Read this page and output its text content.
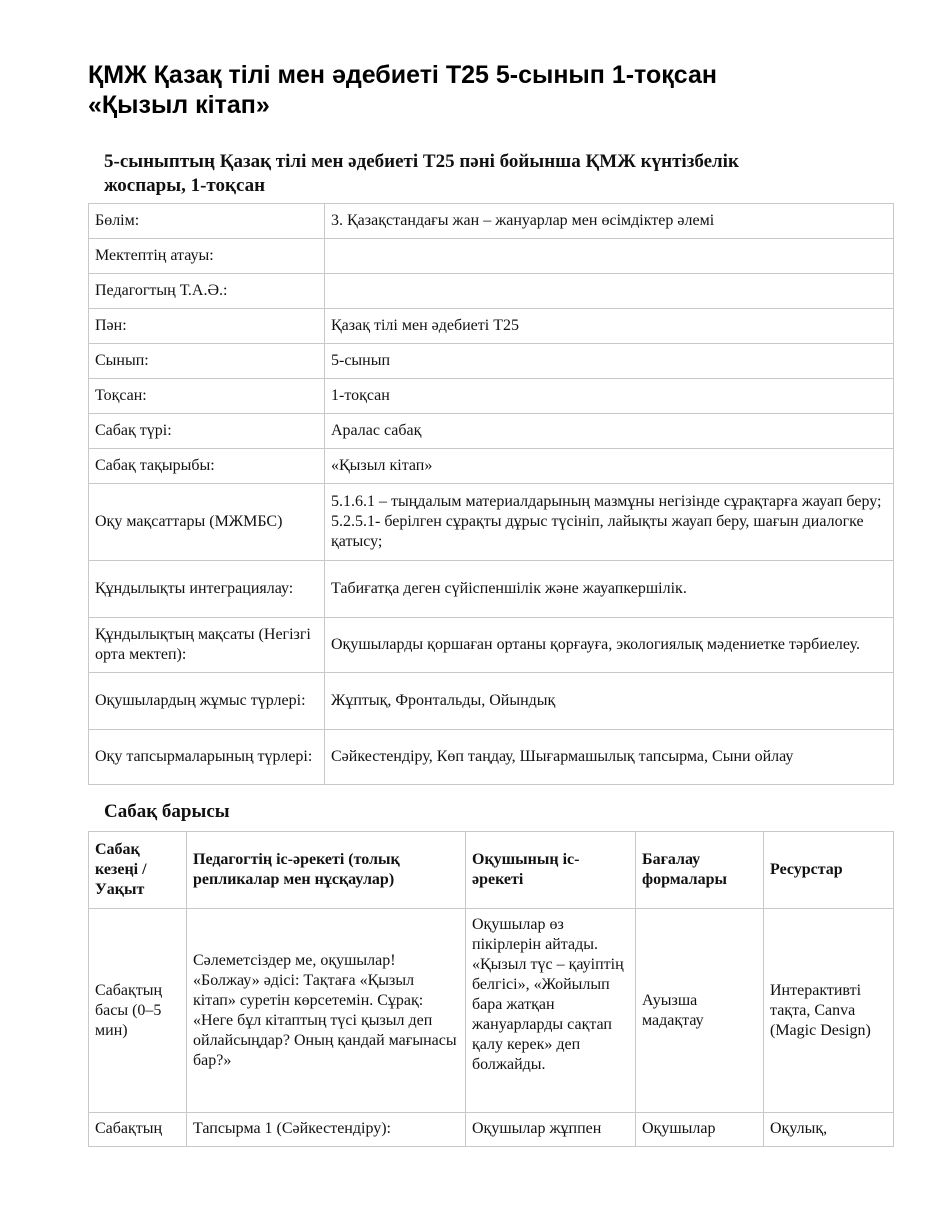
ҚМЖ Қазақ тілі мен әдебиеті Т25 5-сынып 1-тоқсан
«Қызыл кітап»
5-сыныптың Қазақ тілі мен әдебиеті Т25 пәні бойынша ҚМЖ күнтізбелік
жоспары, 1-тоқсан
Бөлім:	3. Қазақстандағы жан – жануарлар мен өсімдіктер әлемі
Мектептің атауы:	
Педагогтың Т.А.Ә.:	
Пән:	Қазақ тілі мен әдебиеті Т25
Сынып:	5-сынып
Тоқсан:	1-тоқсан
Сабақ түрі:	Аралас сабақ
Сабақ тақырыбы:	«Қызыл кітап»
Оқу мақсаттары (МЖМБС)	5.1.6.1 – тыңдалым материалдарының мазмұны негізінде сұрақтарға жауап беру; 5.2.5.1- берілген сұрақты дұрыс түсініп, лайықты жауап беру, шағын диалогке қатысу;
Құндылықты интеграциялау:	Табиғатқа деген сүйіспеншілік және жауапкершілік.
Құндылықтың мақсаты (Негізгі орта мектеп):	Оқушыларды қоршаған ортаны қорғауға, экологиялық мәдениетке тәрбиелеу.
Оқушылардың жұмыс түрлері:	Жұптық, Фронтальды, Ойындық
Оқу тапсырмаларының түрлері:	Сәйкестендіру, Көп таңдау, Шығармашылық тапсырма, Сыни ойлау
Сабақ барысы
Сабақ кезеңі / Уақыт	Педагогтің іс-әрекеті (толық репликалар мен нұсқаулар)	Оқушының іс-әрекеті	Бағалау формалары	Ресурстар
Сабақтың басы (0–5 мин)	Сәлеметсіздер ме, оқушылар! «Болжау» әдісі: Тақтаға «Қызыл кітап» суретін көрсетемін. Сұрақ: «Неге бұл кітаптың түсі қызыл деп ойлайсыңдар? Оның қандай мағынасы бар?»	Оқушылар өз пікірлерін айтады. «Қызыл түс – қауіптің белгісі», «Жойылып бара жатқан жануарларды сақтап қалу керек» деп болжайды.	Ауызша мадақтау	Интерактивті тақта, Canva (Magic Design)
Сабақтың	Тапсырма 1 (Сәйкестендіру):	Оқушылар жұппен	Оқушылар	Оқулық,
